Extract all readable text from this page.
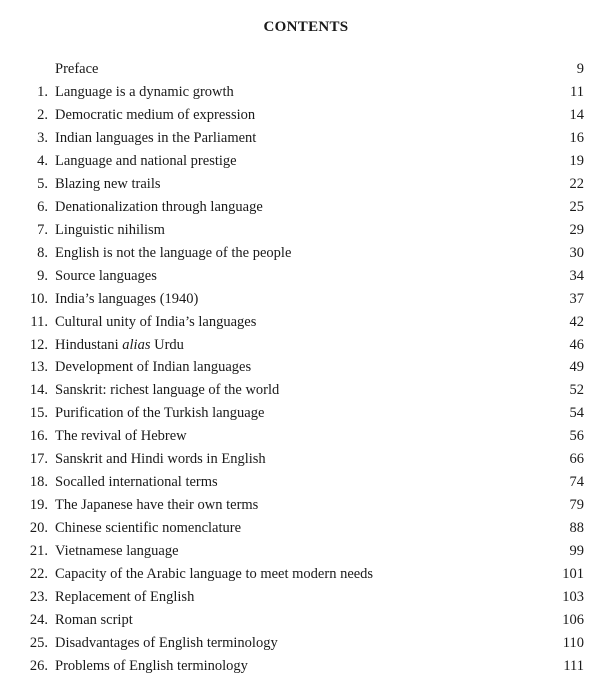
CONTENTS
Preface	9
1. Language is a dynamic growth	11
2. Democratic medium of expression	14
3. Indian languages in the Parliament	16
4. Language and national prestige	19
5. Blazing new trails	22
6. Denationalization through language	25
7. Linguistic nihilism	29
8. English is not the language of the people	30
9. Source languages	34
10. India’s languages (1940)	37
11. Cultural unity of India’s languages	42
12. Hindustani alias Urdu	46
13. Development of Indian languages	49
14. Sanskrit: richest language of the world	52
15. Purification of the Turkish language	54
16. The revival of Hebrew	56
17. Sanskrit and Hindi words in English	66
18. Socalled international terms	74
19. The Japanese have their own terms	79
20. Chinese scientific nomenclature	88
21. Vietnamese language	99
22. Capacity of the Arabic language to meet modern needs	101
23. Replacement of English	103
24. Roman script	106
25. Disadvantages of English terminology	110
26. Problems of English terminology	111
